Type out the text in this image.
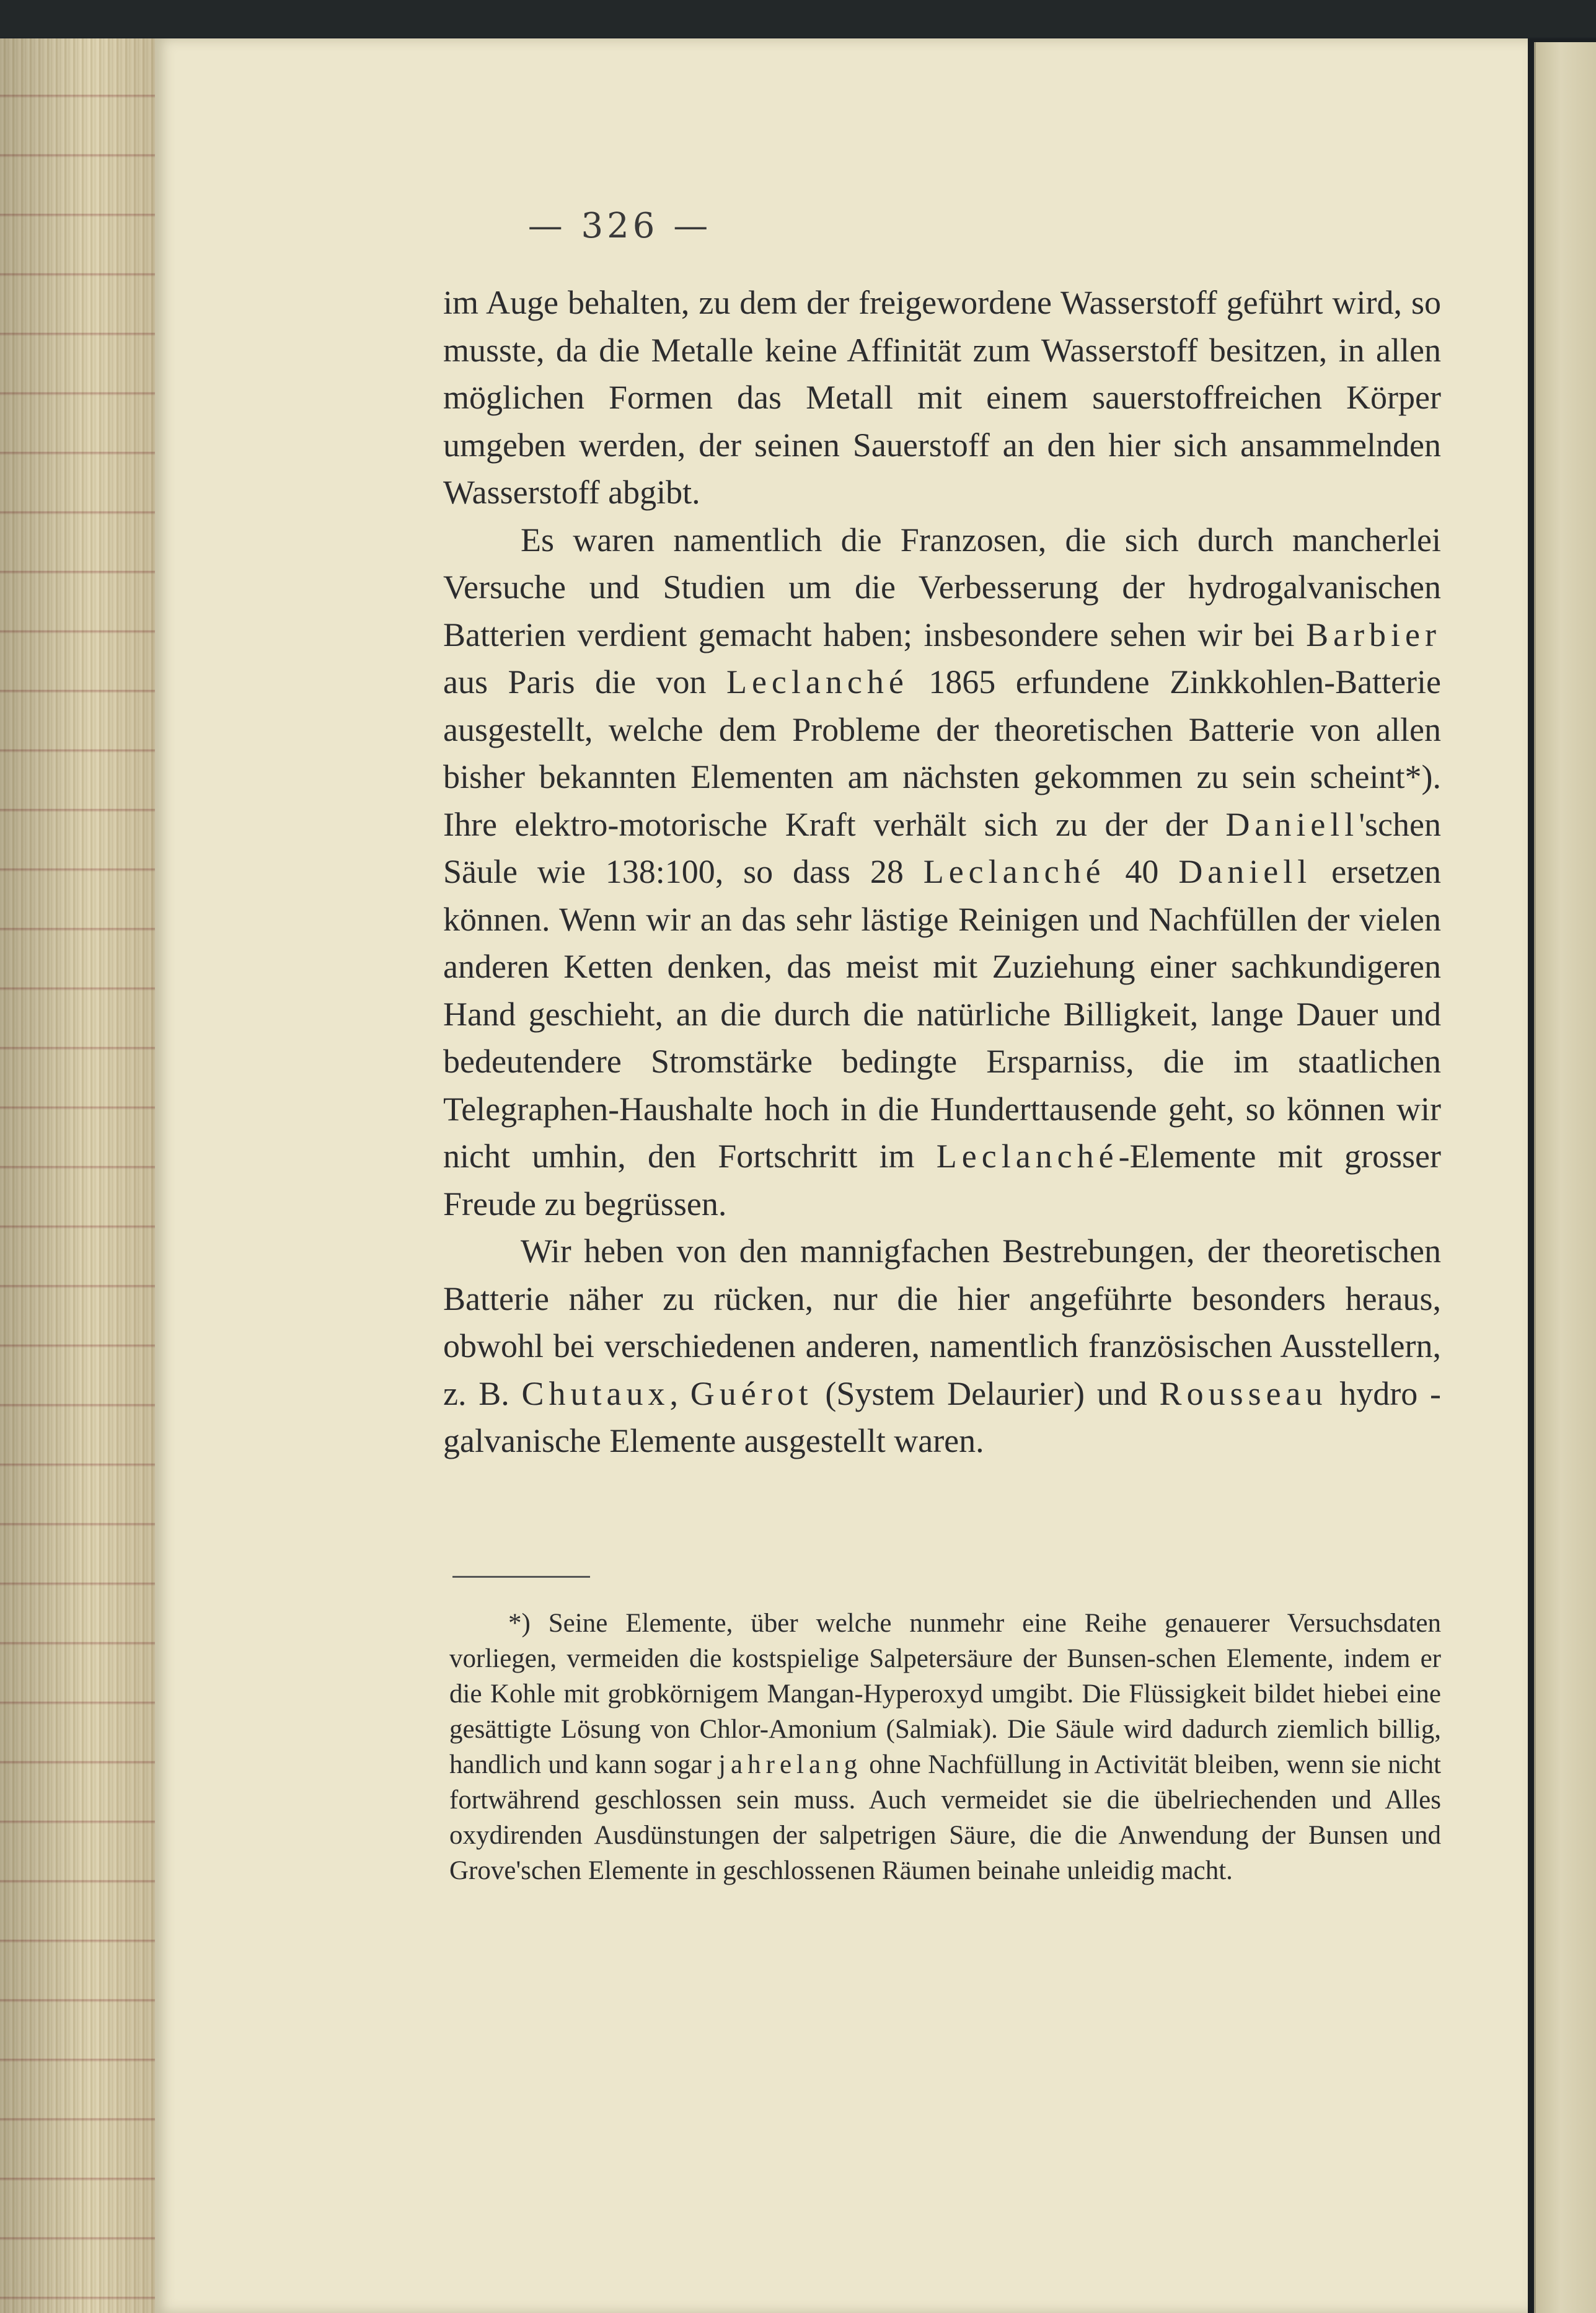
— 326 —

im Auge behalten, zu dem der freigewordene Wasserstoff geführt wird, so musste, da die Metalle keine Affinität zum Wasserstoff besitzen, in allen möglichen Formen das Metall mit einem sauerstoffreichen Körper umgeben werden, der seinen Sauerstoff an den hier sich ansammelnden Wasserstoff abgibt.

Es waren namentlich die Franzosen, die sich durch mancherlei Versuche und Studien um die Verbesserung der hydrogalvanischen Batterien verdient gemacht haben; insbesondere sehen wir bei Barbier aus Paris die von Leclanché 1865 erfundene Zinkkohlen-Batterie ausgestellt, welche dem Probleme der theoretischen Batterie von allen bisher bekannten Elementen am nächsten gekommen zu sein scheint*). Ihre elektro-motorische Kraft verhält sich zu der der Daniell'schen Säule wie 138:100, so dass 28 Leclanché 40 Daniell ersetzen können. Wenn wir an das sehr lästige Reinigen und Nachfüllen der vielen anderen Ketten denken, das meist mit Zuziehung einer sachkundigeren Hand geschieht, an die durch die natürliche Billigkeit, lange Dauer und bedeutendere Stromstärke bedingte Ersparniss, die im staatlichen Telegraphen-Haushalte hoch in die Hunderttausende geht, so können wir nicht umhin, den Fortschritt im Leclanché-Elemente mit grosser Freude zu begrüssen.

Wir heben von den mannigfachen Bestrebungen, der theoretischen Batterie näher zu rücken, nur die hier angeführte besonders heraus, obwohl bei verschiedenen anderen, namentlich französischen Ausstellern, z. B. Chutaux, Guérot (System Delaurier) und Rousseau hydro - galvanische Elemente ausgestellt waren.

*) Seine Elemente, über welche nunmehr eine Reihe genauerer Versuchsdaten vorliegen, vermeiden die kostspielige Salpetersäure der Bunsen-schen Elemente, indem er die Kohle mit grobkörnigem Mangan-Hyperoxyd umgibt. Die Flüssigkeit bildet hiebei eine gesättigte Lösung von Chlor-Amonium (Salmiak). Die Säule wird dadurch ziemlich billig, handlich und kann sogar jahrelang ohne Nachfüllung in Activität bleiben, wenn sie nicht fortwährend geschlossen sein muss. Auch vermeidet sie die übelriechenden und Alles oxydirenden Ausdünstungen der salpetrigen Säure, die die Anwendung der Bunsen und Grove'schen Elemente in geschlossenen Räumen beinahe unleidig macht.
